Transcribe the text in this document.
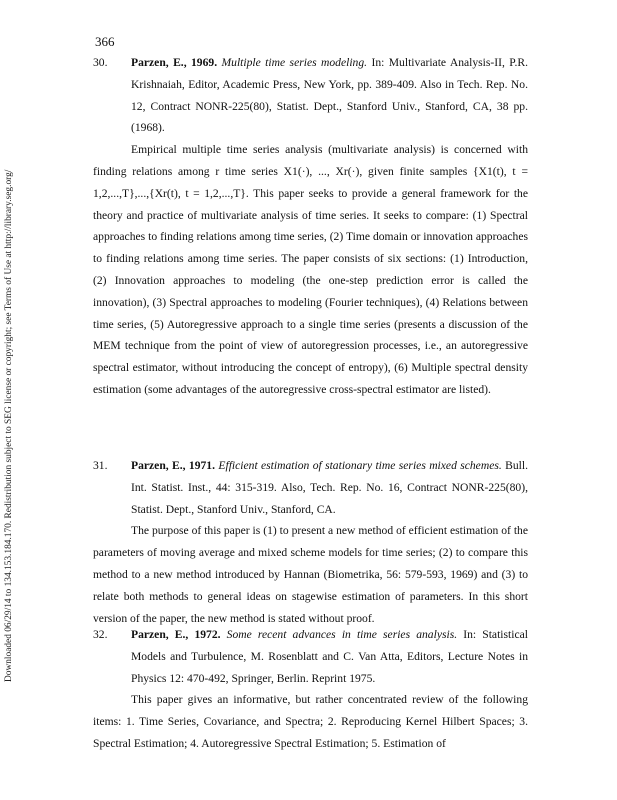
366
Downloaded 06/29/14 to 134.153.184.170. Redistribution subject to SEG license or copyright; see Terms of Use at http://library.seg.org/

30. Parzen, E., 1969. Multiple time series modeling. In: Multivariate Analysis-II, P.R. Krishnaiah, Editor, Academic Press, New York, pp. 389-409. Also in Tech. Rep. No. 12, Contract NONR-225(80), Statist. Dept., Stanford Univ., Stanford, CA, 38 pp. (1968).

Empirical multiple time series analysis (multivariate analysis) is concerned with finding relations among r time series X1(·), ..., Xr(·), given finite samples {X1(t), t = 1,2,...,T},...,{Xr(t), t = 1,2,...,T}. This paper seeks to provide a general framework for the theory and practice of multivariate analysis of time series. It seeks to compare: (1) Spectral approaches to finding relations among time series, (2) Time domain or innovation approaches to finding relations among time series. The paper consists of six sections: (1) Introduction, (2) Innovation approaches to modeling (the one-step prediction error is called the innovation), (3) Spectral approaches to modeling (Fourier techniques), (4) Relations between time series, (5) Autoregressive approach to a single time series (presents a discussion of the MEM technique from the point of view of autoregression processes, i.e., an autoregressive spectral estimator, without introducing the concept of entropy), (6) Multiple spectral density estimation (some advantages of the autoregressive cross-spectral estimator are listed).

31. Parzen, E., 1971. Efficient estimation of stationary time series mixed schemes. Bull. Int. Statist. Inst., 44: 315-319. Also, Tech. Rep. No. 16, Contract NONR-225(80), Statist. Dept., Stanford Univ., Stanford, CA.

The purpose of this paper is (1) to present a new method of efficient estimation of the parameters of moving average and mixed scheme models for time series; (2) to compare this method to a new method introduced by Hannan (Biometrika, 56: 579-593, 1969) and (3) to relate both methods to general ideas on stagewise estimation of parameters. In this short version of the paper, the new method is stated without proof.

32. Parzen, E., 1972. Some recent advances in time series analysis. In: Statistical Models and Turbulence, M. Rosenblatt and C. Van Atta, Editors, Lecture Notes in Physics 12: 470-492, Springer, Berlin. Reprint 1975.

This paper gives an informative, but rather concentrated review of the following items: 1. Time Series, Covariance, and Spectra; 2. Reproducing Kernel Hilbert Spaces; 3. Spectral Estimation; 4. Autoregressive Spectral Estimation; 5. Estimation of
